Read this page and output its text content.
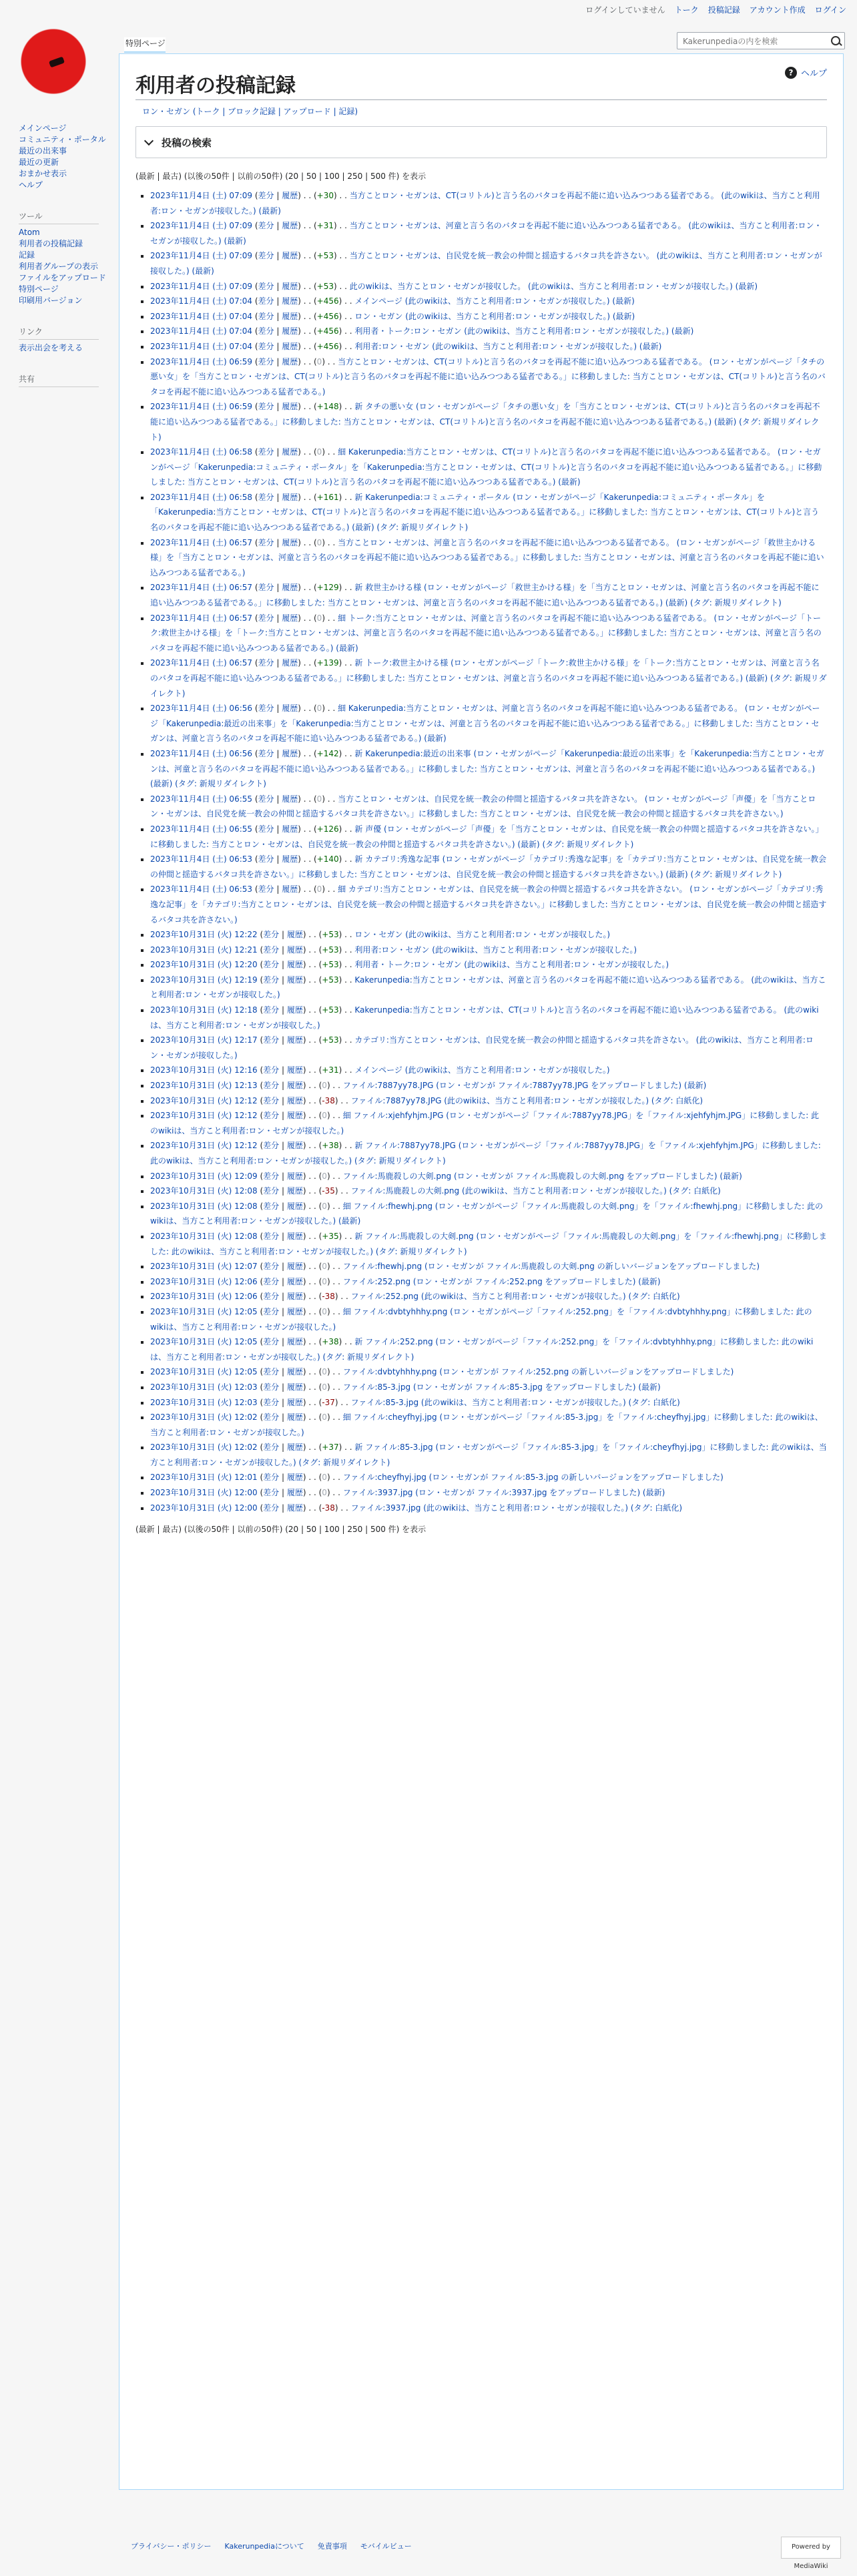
ログインしていません トーク 投稿記録 アカウント作成 ログイン
メインページ
コミュニティ・ポータル
最近の出来事
最近の更新
おまかせ表示
ヘルプ
ツール
Atom
利用者の投稿記録
記録
利用者グループの表示
ファイルをアップロード
特別ページ
印刷用バージョン
リンク
表示出会を考える
共有
特別ページ
Kakerunpediaの内を検索
? ヘルプ
利用者の投稿記録
ロン・セガン (トーク | ブロック記録 | アップロード | 記録)
投稿の検索
(最新 | 最古) (以後の50件 | 以前の50件) (20 | 50 | 100 | 250 | 500 件) を表示
▪ 2023年11月4日 (土) 07:09 (差分 | 履歴) . . (+30) . . 当方ことロン・セガンは、CT(コリトル)と言う名のバタコを再起不能に追い込みつつある猛者である。 (此のwikiは、当方こと利用者:ロン・セガンが接収した。) (最新)
▪ 2023年11月4日 (土) 07:09 (差分 | 履歴) . . (+31) . . 当方ことロン・セガンは、河童と言う名のバタコを再起不能に追い込みつつある猛者である。 (此のwikiは、当方こと利用者:ロン・セガンが接収した。) (最新)
▪ 2023年11月4日 (土) 07:09 (差分 | 履歴) . . (+53) . . 当方ことロン・セガンは、自民党を統一教会の仲間と揺造するバタコ共を許さない。 (此のwikiは、当方こと利用者:ロン・セガンが接収した。) (最新)
▪ 2023年11月4日 (土) 07:09 (差分 | 履歴) . . (+53) . . 此のwikiは、当方ことロン・セガンが接収した。 (此のwikiは、当方こと利用者:ロン・セガンが接収した。) (最新)
▪ 2023年11月4日 (土) 07:04 (差分 | 履歴) . . (+456) . . メインページ (此のwikiは、当方こと利用者:ロン・セガンが接収した。) (最新)
▪ 2023年11月4日 (土) 07:04 (差分 | 履歴) . . (+456) . . ロン・セガン (此のwikiは、当方こと利用者:ロン・セガンが接収した。) (最新)
▪ 2023年11月4日 (土) 07:04 (差分 | 履歴) . . (+456) . . 利用者・トーク:ロン・セガン (此のwikiは、当方こと利用者:ロン・セガンが接収した。) (最新)
▪ 2023年11月4日 (土) 07:04 (差分 | 履歴) . . (+456) . . 利用者:ロン・セガン (此のwikiは、当方こと利用者:ロン・セガンが接収した。) (最新)
▪ 2023年11月4日 (土) 06:59 (差分 | 履歴) . . (0) . . 当方ことロン・セガンは、CT(コリトル)と言う名のバタコを再起不能に追い込みつつある猛者である。 (ロン・セガンがページ「タチの悪い女」を「当方ことロン・セガンは、CT(コリトル)と言う名のバタコを再起不能に追い込みつつある猛者である。」に移動しました: 当方ことロン・セガンは、CT(コリトル)と言う名のバタコを再起不能に追い込みつつある猛者である。)
▪ 2023年11月4日 (土) 06:59 (差分 | 履歴) . . (+148) . . 新 タチの悪い女 (ロン・セガンがページ「タチの悪い女」を「当方ことロン・セガンは、CT(コリトル)と言う名のバタコを再起不能に追い込みつつある猛者である。」に移動しました: 当方ことロン・セガンは、CT(コリトル)と言う名のバタコを再起不能に追い込みつつある猛者である。) (最新) (タグ: 新規リダイレクト)
▪ 2023年11月4日 (土) 06:58 (差分 | 履歴) . . (0) . . 細 Kakerunpedia:当方ことロン・セガンは、CT(コリトル)と言う名のバタコを再起不能に追い込みつつある猛者である。 (ロン・セガンがページ「Kakerunpedia:コミュニティ・ポータル」を「Kakerunpedia:当方ことロン・セガンは、CT(コリトル)と言う名のバタコを再起不能に追い込みつつある猛者である。」に移動しました: 当方ことロン・セガンは、CT(コリトル)と言う名のバタコを再起不能に追い込みつつある猛者である。) (最新)
▪ 2023年11月4日 (土) 06:58 (差分 | 履歴) . . (+161) . . 新 Kakerunpedia:コミュニティ・ポータル (ロン・セガンがページ「Kakerunpedia:コミュニティ・ポータル」を「Kakerunpedia:当方ことロン・セガンは、CT(コリトル)と言う名のバタコを再起不能に追い込みつつある猛者である。」に移動しました: 当方ことロン・セガンは、CT(コリトル)と言う名のバタコを再起不能に追い込みつつある猛者である。) (最新) (タグ: 新規リダイレクト)
▪ 2023年11月4日 (土) 06:57 (差分 | 履歴) . . (0) . . 当方ことロン・セガンは、河童と言う名のバタコを再起不能に追い込みつつある猛者である。 (ロン・セガンがページ「救世主かける様」を「当方ことロン・セガンは、河童と言う名のバタコを再起不能に追い込みつつある猛者である。」に移動しました: 当方ことロン・セガンは、河童と言う名のバタコを再起不能に追い込みつつある猛者である。)
▪ 2023年11月4日 (土) 06:57 (差分 | 履歴) . . (+129) . . 新 救世主かける様 (ロン・セガンがページ「救世主かける様」を「当方ことロン・セガンは、河童と言う名のバタコを再起不能に追い込みつつある猛者である。」に移動しました: 当方ことロン・セガンは、河童と言う名のバタコを再起不能に追い込みつつある猛者である。) (最新) (タグ: 新規リダイレクト)
▪ 2023年11月4日 (土) 06:57 (差分 | 履歴) . . (0) . . 細 トーク:当方ことロン・セガンは、河童と言う名のバタコを再起不能に追い込みつつある猛者である。 (ロン・セガンがページ「トーク:救世主かける様」を「トーク:当方ことロン・セガンは、河童と言う名のバタコを再起不能に追い込みつつある猛者である。」に移動しました: 当方ことロン・セガンは、河童と言う名のバタコを再起不能に追い込みつつある猛者である。) (最新)
▪ 2023年11月4日 (土) 06:57 (差分 | 履歴) . . (+139) . . 新 トーク:救世主かける様 (ロン・セガンがページ「トーク:救世主かける様」を「トーク:当方ことロン・セガンは、河童と言う名のバタコを再起不能に追い込みつつある猛者である。」に移動しました: 当方ことロン・セガンは、河童と言う名のバタコを再起不能に追い込みつつある猛者である。) (最新) (タグ: 新規リダイレクト)
▪ 2023年11月4日 (土) 06:56 (差分 | 履歴) . . (0) . . 細 Kakerunpedia:当方ことロン・セガンは、河童と言う名のバタコを再起不能に追い込みつつある猛者である。 (ロン・セガンがページ「Kakerunpedia:最近の出来事」を「Kakerunpedia:当方ことロン・セガンは、河童と言う名のバタコを再起不能に追い込みつつある猛者である。」に移動しました: 当方ことロン・セガンは、河童と言う名のバタコを再起不能に追い込みつつある猛者である。) (最新)
▪ 2023年11月4日 (土) 06:56 (差分 | 履歴) . . (+142) . . 新 Kakerunpedia:最近の出来事 (ロン・セガンがページ「Kakerunpedia:最近の出来事」を「Kakerunpedia:当方ことロン・セガンは、河童と言う名のバタコを再起不能に追い込みつつある猛者である。」に移動しました: 当方ことロン・セガンは、河童と言う名のバタコを再起不能に追い込みつつある猛者である。) (最新) (タグ: 新規リダイレクト)
▪ 2023年11月4日 (土) 06:55 (差分 | 履歴) . . (0) . . 当方ことロン・セガンは、自民党を統一教会の仲間と揺造するバタコ共を許さない。 (ロン・セガンがページ「声優」を「当方ことロン・セガンは、自民党を統一教会の仲間と揺造するバタコ共を許さない。」に移動しました: 当方ことロン・セガンは、自民党を統一教会の仲間と揺造するバタコ共を許さない。)
▪ 2023年11月4日 (土) 06:55 (差分 | 履歴) . . (+126) . . 新 声優 (ロン・セガンがページ「声優」を「当方ことロン・セガンは、自民党を統一教会の仲間と揺造するバタコ共を許さない。」に移動しました: 当方ことロン・セガンは、自民党を統一教会の仲間と揺造するバタコ共を許さない。) (最新) (タグ: 新規リダイレクト)
▪ 2023年11月4日 (土) 06:53 (差分 | 履歴) . . (+140) . . 新 カテゴリ:秀逸な記事 (ロン・セガンがページ「カテゴリ:秀逸な記事」を「カテゴリ:当方ことロン・セガンは、自民党を統一教会の仲間と揺造するバタコ共を許さない。」に移動しました: 当方ことロン・セガンは、自民党を統一教会の仲間と揺造するバタコ共を許さない。) (最新) (タグ: 新規リダイレクト)
▪ 2023年11月4日 (土) 06:53 (差分 | 履歴) . . (0) . . 細 カテゴリ:当方ことロン・セガンは、自民党を統一教会の仲間と揺造するバタコ共を許さない。 (ロン・セガンがページ「カテゴリ:秀逸な記事」を「カテゴリ:当方ことロン・セガンは、自民党を統一教会の仲間と揺造するバタコ共を許さない。」に移動しました: 当方ことロン・セガンは、自民党を統一教会の仲間と揺造するバタコ共を許さない。)
▪ 2023年10月31日 (火) 12:22 (差分 | 履歴) . . (+53) . . ロン・セガン (此のwikiは、当方こと利用者:ロン・セガンが接収した。)
▪ 2023年10月31日 (火) 12:21 (差分 | 履歴) . . (+53) . . 利用者:ロン・セガン (此のwikiは、当方こと利用者:ロン・セガンが接収した。)
▪ 2023年10月31日 (火) 12:20 (差分 | 履歴) . . (+53) . . 利用者・トーク:ロン・セガン (此のwikiは、当方こと利用者:ロン・セガンが接収した。)
▪ 2023年10月31日 (火) 12:19 (差分 | 履歴) . . (+53) . . Kakerunpedia:当方ことロン・セガンは、河童と言う名のバタコを再起不能に追い込みつつある猛者である。 (此のwikiは、当方こと利用者:ロン・セガンが接収した。)
▪ 2023年10月31日 (火) 12:18 (差分 | 履歴) . . (+53) . . Kakerunpedia:当方ことロン・セガンは、CT(コリトル)と言う名のバタコを再起不能に追い込みつつある猛者である。 (此のwikiは、当方こと利用者:ロン・セガンが接収した。)
▪ 2023年10月31日 (火) 12:17 (差分 | 履歴) . . (+53) . . カテゴリ:当方ことロン・セガンは、自民党を統一教会の仲間と揺造するバタコ共を許さない。 (此のwikiは、当方こと利用者:ロン・セガンが接収した。)
▪ 2023年10月31日 (火) 12:16 (差分 | 履歴) . . (+31) . . メインページ (此のwikiは、当方こと利用者:ロン・セガンが接収した。)
▪ 2023年10月31日 (火) 12:13 (差分 | 履歴) . . (0) . . ファイル:7887yy78.JPG (ロン・セガンが ファイル:7887yy78.JPG をアップロードしました) (最新)
▪ 2023年10月31日 (火) 12:12 (差分 | 履歴) . . (-38) . . ファイル:7887yy78.JPG (此のwikiは、当方こと利用者:ロン・セガンが接収した。) (タグ: 白紙化)
▪ 2023年10月31日 (火) 12:12 (差分 | 履歴) . . (0) . . 細 ファイル:xjehfyhjm.JPG (ロン・セガンがページ「ファイル:7887yy78.JPG」を「ファイル:xjehfyhjm.JPG」に移動しました: 此のwikiは、当方こと利用者:ロン・セガンが接収した。)
▪ 2023年10月31日 (火) 12:12 (差分 | 履歴) . . (+38) . . 新 ファイル:7887yy78.JPG (ロン・セガンがページ「ファイル:7887yy78.JPG」を「ファイル:xjehfyhjm.JPG」に移動しました: 此のwikiは、当方こと利用者:ロン・セガンが接収した。) (タグ: 新規リダイレクト)
▪ 2023年10月31日 (火) 12:09 (差分 | 履歴) . . (0) . . ファイル:馬鹿殺しの大剣.png (ロン・セガンが ファイル:馬鹿殺しの大剣.png をアップロードしました) (最新)
▪ 2023年10月31日 (火) 12:08 (差分 | 履歴) . . (-35) . . ファイル:馬鹿殺しの大剣.png (此のwikiは、当方こと利用者:ロン・セガンが接収した。) (タグ: 白紙化)
▪ 2023年10月31日 (火) 12:08 (差分 | 履歴) . . (0) . . 細 ファイル:fhewhj.png (ロン・セガンがページ「ファイル:馬鹿殺しの大剣.png」を「ファイル:fhewhj.png」に移動しました: 此のwikiは、当方こと利用者:ロン・セガンが接収した。) (最新)
▪ 2023年10月31日 (火) 12:08 (差分 | 履歴) . . (+35) . . 新 ファイル:馬鹿殺しの大剣.png (ロン・セガンがページ「ファイル:馬鹿殺しの大剣.png」を「ファイル:fhewhj.png」に移動しました: 此のwikiは、当方こと利用者:ロン・セガンが接収した。) (タグ: 新規リダイレクト)
▪ 2023年10月31日 (火) 12:07 (差分 | 履歴) . . (0) . . ファイル:fhewhj.png (ロン・セガンが ファイル:馬鹿殺しの大剣.png の新しいバージョンをアップロードしました)
▪ 2023年10月31日 (火) 12:06 (差分 | 履歴) . . (0) . . ファイル:252.png (ロン・セガンが ファイル:252.png をアップロードしました) (最新)
▪ 2023年10月31日 (火) 12:06 (差分 | 履歴) . . (-38) . . ファイル:252.png (此のwikiは、当方こと利用者:ロン・セガンが接収した。) (タグ: 白紙化)
▪ 2023年10月31日 (火) 12:05 (差分 | 履歴) . . (0) . . 細 ファイル:dvbtyhhhy.png (ロン・セガンがページ「ファイル:252.png」を「ファイル:dvbtyhhhy.png」に移動しました: 此のwikiは、当方こと利用者:ロン・セガンが接収した。)
▪ 2023年10月31日 (火) 12:05 (差分 | 履歴) . . (+38) . . 新 ファイル:252.png (ロン・セガンがページ「ファイル:252.png」を「ファイル:dvbtyhhhy.png」に移動しました: 此のwikiは、当方こと利用者:ロン・セガンが接収した。) (タグ: 新規リダイレクト)
▪ 2023年10月31日 (火) 12:05 (差分 | 履歴) . . (0) . . ファイル:dvbtyhhhy.png (ロン・セガンが ファイル:252.png の新しいバージョンをアップロードしました)
▪ 2023年10月31日 (火) 12:03 (差分 | 履歴) . . (0) . . ファイル:85-3.jpg (ロン・セガンが ファイル:85-3.jpg をアップロードしました) (最新)
▪ 2023年10月31日 (火) 12:03 (差分 | 履歴) . . (-37) . . ファイル:85-3.jpg (此のwikiは、当方こと利用者:ロン・セガンが接収した。) (タグ: 白紙化)
▪ 2023年10月31日 (火) 12:02 (差分 | 履歴) . . (0) . . 細 ファイル:cheyfhyj.jpg (ロン・セガンがページ「ファイル:85-3.jpg」を「ファイル:cheyfhyj.jpg」に移動しました: 此のwikiは、当方こと利用者:ロン・セガンが接収した。)
▪ 2023年10月31日 (火) 12:02 (差分 | 履歴) . . (+37) . . 新 ファイル:85-3.jpg (ロン・セガンがページ「ファイル:85-3.jpg」を「ファイル:cheyfhyj.jpg」に移動しました: 此のwikiは、当方こと利用者:ロン・セガンが接収した。) (タグ: 新規リダイレクト)
▪ 2023年10月31日 (火) 12:01 (差分 | 履歴) . . (0) . . ファイル:cheyfhyj.jpg (ロン・セガンが ファイル:85-3.jpg の新しいバージョンをアップロードしました)
▪ 2023年10月31日 (火) 12:00 (差分 | 履歴) . . (0) . . ファイル:3937.jpg (ロン・セガンが ファイル:3937.jpg をアップロードしました) (最新)
▪ 2023年10月31日 (火) 12:00 (差分 | 履歴) . . (-38) . . ファイル:3937.jpg (此のwikiは、当方こと利用者:ロン・セガンが接収した。) (タグ: 白紙化)
(最新 | 最古) (以後の50件 | 以前の50件) (20 | 50 | 100 | 250 | 500 件) を表示
プライバシー・ポリシー Kakerunpediaについて 免責事項 モバイルビュー	Powered by MediaWiki
